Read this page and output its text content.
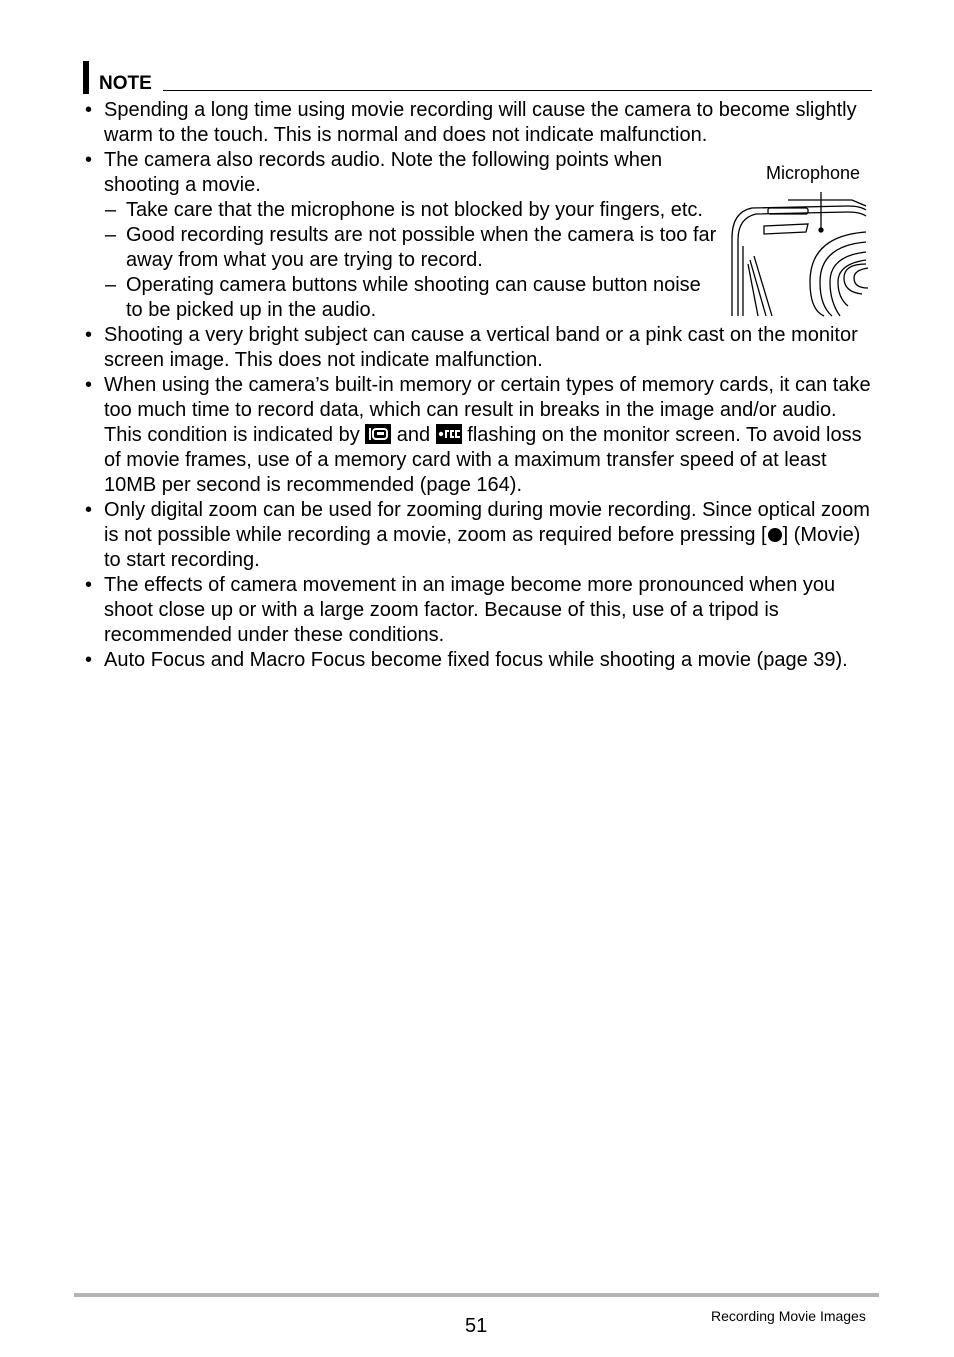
NOTE
• Spending a long time using movie recording will cause the camera to become slightly warm to the touch. This is normal and does not indicate malfunction.
• The camera also records audio. Note the following points when shooting a movie.
– Take care that the microphone is not blocked by your fingers, etc.
– Good recording results are not possible when the camera is too far away from what you are trying to record.
– Operating camera buttons while shooting can cause button noise to be picked up in the audio.
• Shooting a very bright subject can cause a vertical band or a pink cast on the monitor screen image. This does not indicate malfunction.
• When using the camera’s built-in memory or certain types of memory cards, it can take too much time to record data, which can result in breaks in the image and/or audio. This condition is indicated by  and  flashing on the monitor screen. To avoid loss of movie frames, use of a memory card with a maximum transfer speed of at least 10MB per second is recommended (page 164).
• Only digital zoom can be used for zooming during movie recording. Since optical zoom is not possible while recording a movie, zoom as required before pressing [ ] (Movie) to start recording.
• The effects of camera movement in an image become more pronounced when you shoot close up or with a large zoom factor. Because of this, use of a tripod is recommended under these conditions.
• Auto Focus and Macro Focus become fixed focus while shooting a movie (page 39).
Microphone
51	Recording Movie Images
